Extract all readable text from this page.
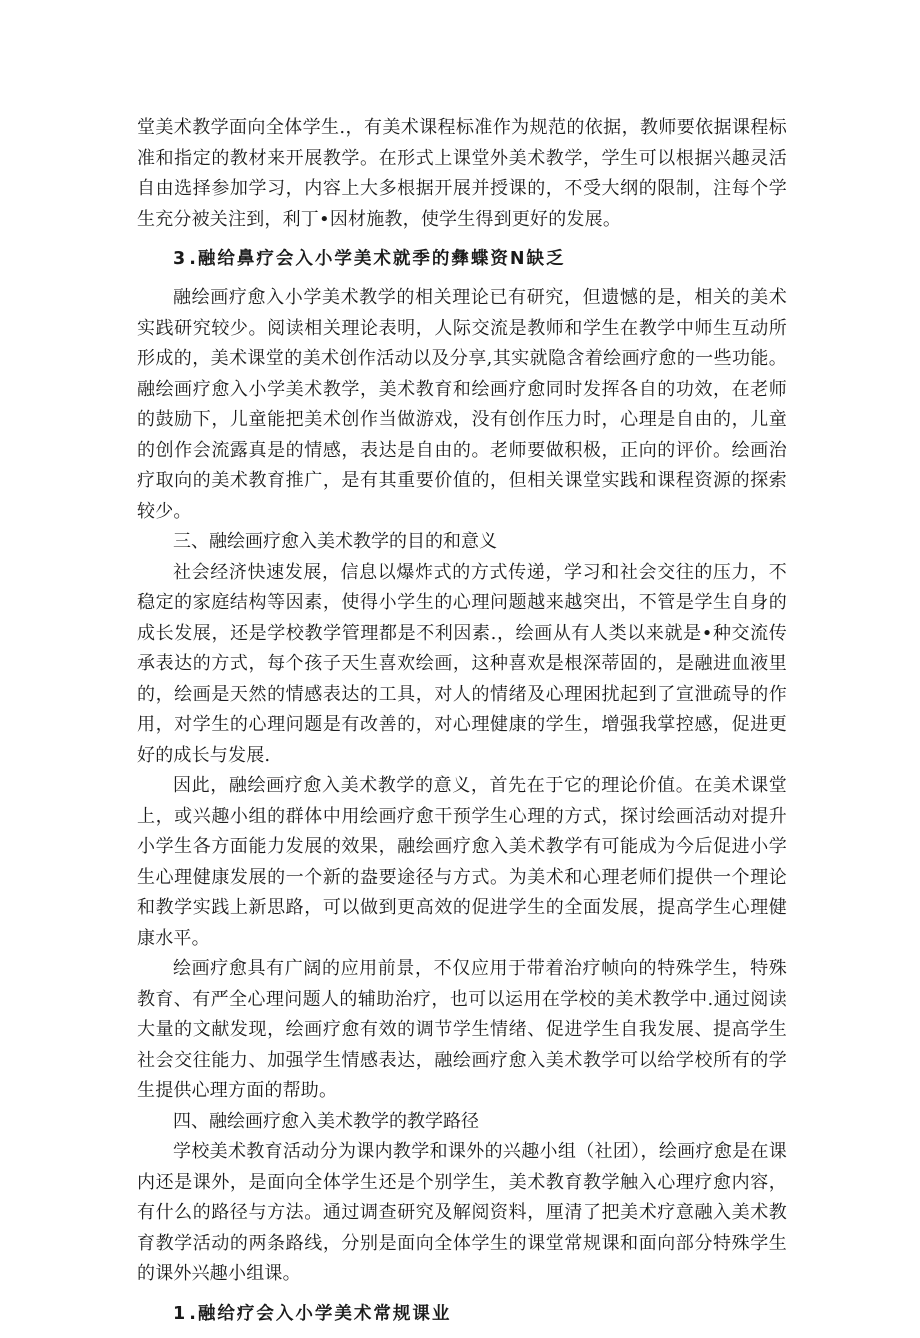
堂美术教学面向全体学生.，有美术课程标准作为规范的依据，教师要依据课程标准和指定的教材来开展教学。在形式上课堂外美术教学，学生可以根据兴趣灵活自由选择参加学习，内容上大多根据开展并授课的，不受大纲的限制，注每个学生充分被关注到，利丁•因材施教，使学生得到更好的发展。

3 .融给鼻疗会入小学美术就季的彝蝶资N缺乏

融绘画疗愈入小学美术教学的相关理论已有研究，但遗憾的是，相关的美术实践研究较少。阅读相关理论表明，人际交流是教师和学生在教学中师生互动所形成的，美术课堂的美术创作活动以及分享,其实就隐含着绘画疗愈的一些功能。融绘画疗愈入小学美术教学，美术教育和绘画疗愈同时发挥各自的功效，在老师的鼓励下，儿童能把美术创作当做游戏，没有创作压力时，心理是自由的，儿童的创作会流露真是的情感，表达是自由的。老师要做积极，正向的评价。绘画治疗取向的美术教育推广，是有其重要价值的，但相关课堂实践和课程资源的探索较少。

三、融绘画疗愈入美术教学的目的和意义

社会经济快速发展，信息以爆炸式的方式传递，学习和社会交往的压力，不稳定的家庭结构等因素，使得小学生的心理问题越来越突出，不管是学生自身的成长发展，还是学校教学管理都是不利因素.，绘画从有人类以来就是•种交流传承表达的方式，每个孩子天生喜欢绘画，这种喜欢是根深蒂固的，是融进血液里的，绘画是天然的情感表达的工具，对人的情绪及心理困扰起到了宣泄疏导的作用，对学生的心理问题是有改善的，对心理健康的学生，增强我掌控感，促进更好的成长与发展.

因此，融绘画疗愈入美术教学的意义，首先在于它的理论价值。在美术课堂上，或兴趣小组的群体中用绘画疗愈干预学生心理的方式，探讨绘画活动对提升小学生各方面能力发展的效果，融绘画疗愈入美术教学有可能成为今后促进小学生心理健康发展的一个新的盎要途径与方式。为美术和心理老师们提供一个理论和教学实践上新思路，可以做到更高效的促进学生的全面发展，提高学生心理健康水平。

绘画疗愈具有广阔的应用前景，不仅应用于带着治疗帧向的特殊学生，特殊教育、有严全心理问题人的辅助治疗，也可以运用在学校的美术教学中.通过阅读大量的文献发现，绘画疗愈有效的调节学生情绪、促进学生自我发展、提高学生社会交往能力、加强学生情感表达，融绘画疗愈入美术教学可以给学校所有的学生提供心理方面的帮助。

四、融绘画疗愈入美术教学的教学路径

学校美术教育活动分为课内教学和课外的兴趣小组（社团），绘画疗愈是在课内还是课外，是面向全体学生还是个别学生，美术教育教学触入心理疗愈内容，有什么的路径与方法。通过调查研究及解阅资料，厘清了把美术疗意融入美术教育教学活动的两条路线，分别是面向全体学生的课堂常规课和面向部分特殊学生的课外兴趣小组课。

1 .融给疗会入小学美术常规课业
